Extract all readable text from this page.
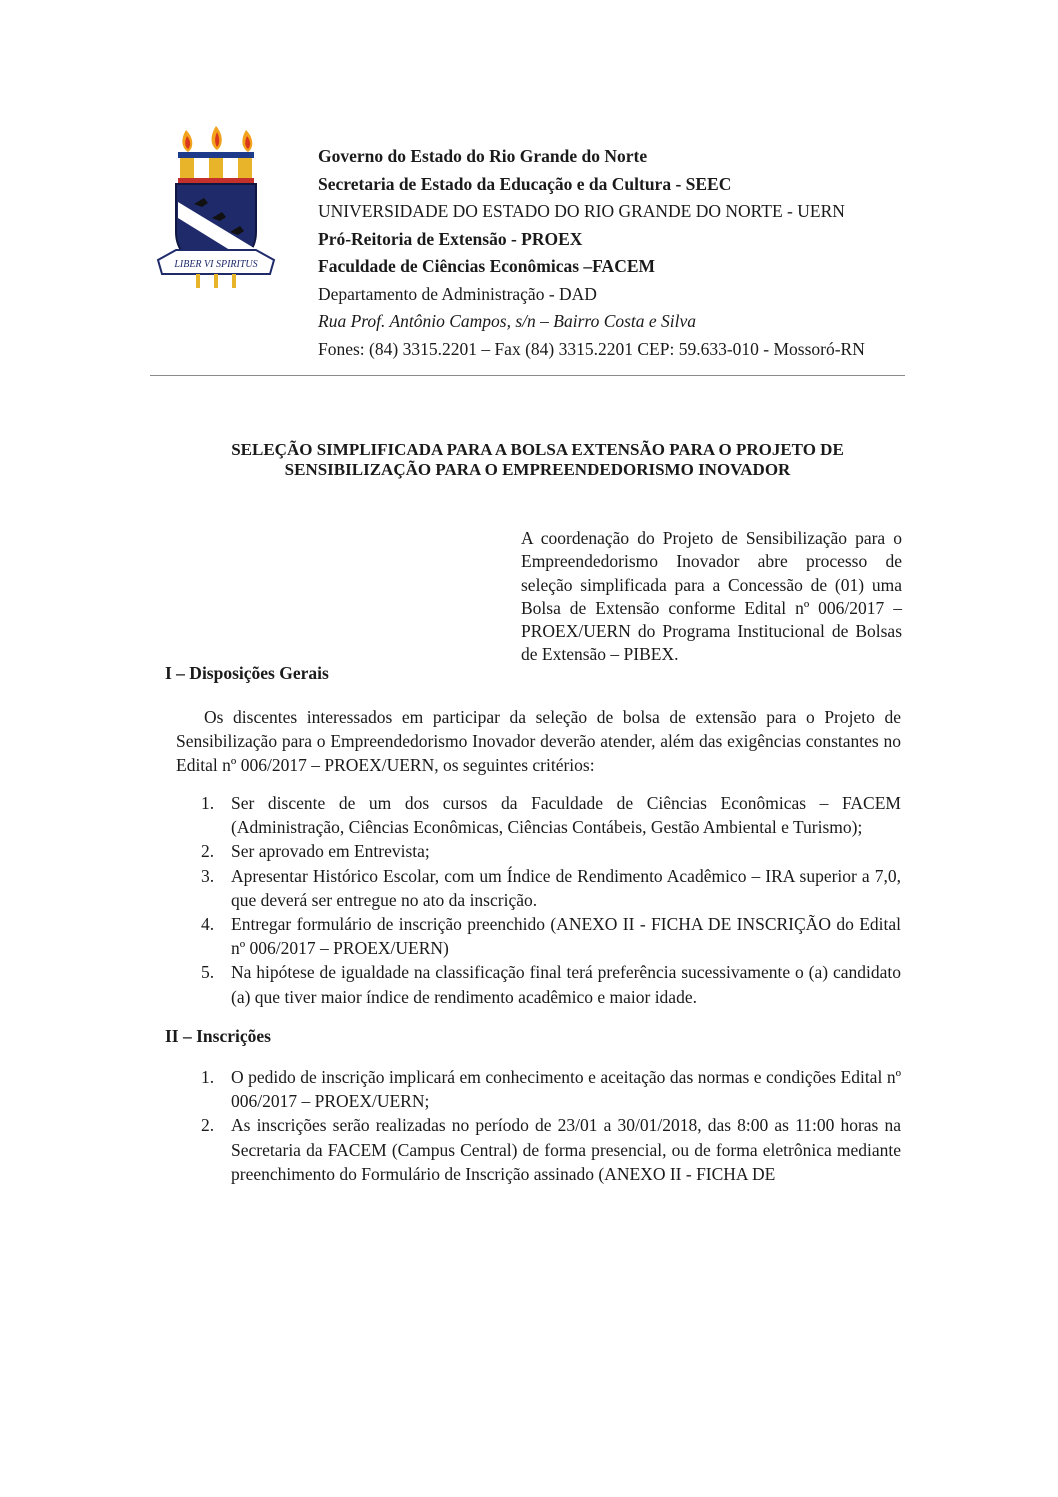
LIBER VI SPIRITUS
Governo do Estado do Rio Grande do Norte
Secretaria de Estado da Educação e da Cultura - SEEC
UNIVERSIDADE DO ESTADO DO RIO GRANDE DO NORTE - UERN
Pró-Reitoria de Extensão - PROEX
Faculdade de Ciências Econômicas –FACEM
Departamento de Administração - DAD
Rua Prof. Antônio Campos, s/n – Bairro Costa e Silva
Fones: (84) 3315.2201 – Fax (84) 3315.2201 CEP: 59.633-010 - Mossoró-RN
SELEÇÃO SIMPLIFICADA PARA A BOLSA EXTENSÃO PARA O PROJETO DE
SENSIBILIZAÇÃO PARA O EMPREENDEDORISMO INOVADOR
A coordenação do Projeto de Sensibilização para o Empreendedorismo Inovador abre processo de seleção simplificada para a Concessão de (01) uma Bolsa de Extensão conforme Edital nº 006/2017 – PROEX/UERN do Programa Institucional de Bolsas de Extensão – PIBEX.
I – Disposições Gerais
Os discentes interessados em participar da seleção de bolsa de extensão para o Projeto de Sensibilização para o Empreendedorismo Inovador deverão atender, além das exigências constantes no Edital nº 006/2017 – PROEX/UERN, os seguintes critérios:
1. Ser discente de um dos cursos da Faculdade de Ciências Econômicas – FACEM (Administração, Ciências Econômicas, Ciências Contábeis, Gestão Ambiental e Turismo);
2. Ser aprovado em Entrevista;
3. Apresentar Histórico Escolar, com um Índice de Rendimento Acadêmico – IRA superior a 7,0, que deverá ser entregue no ato da inscrição.
4. Entregar formulário de inscrição preenchido (ANEXO II - FICHA DE INSCRIÇÃO do Edital nº 006/2017 – PROEX/UERN)
5. Na hipótese de igualdade na classificação final terá preferência sucessivamente o (a) candidato (a) que tiver maior índice de rendimento acadêmico e maior idade.
II – Inscrições
1. O pedido de inscrição implicará em conhecimento e aceitação das normas e condições Edital nº 006/2017 – PROEX/UERN;
2. As inscrições serão realizadas no período de 23/01 a 30/01/2018, das 8:00 as 11:00 horas na Secretaria da FACEM (Campus Central) de forma presencial, ou de forma eletrônica mediante preenchimento do Formulário de Inscrição assinado (ANEXO II - FICHA DE
